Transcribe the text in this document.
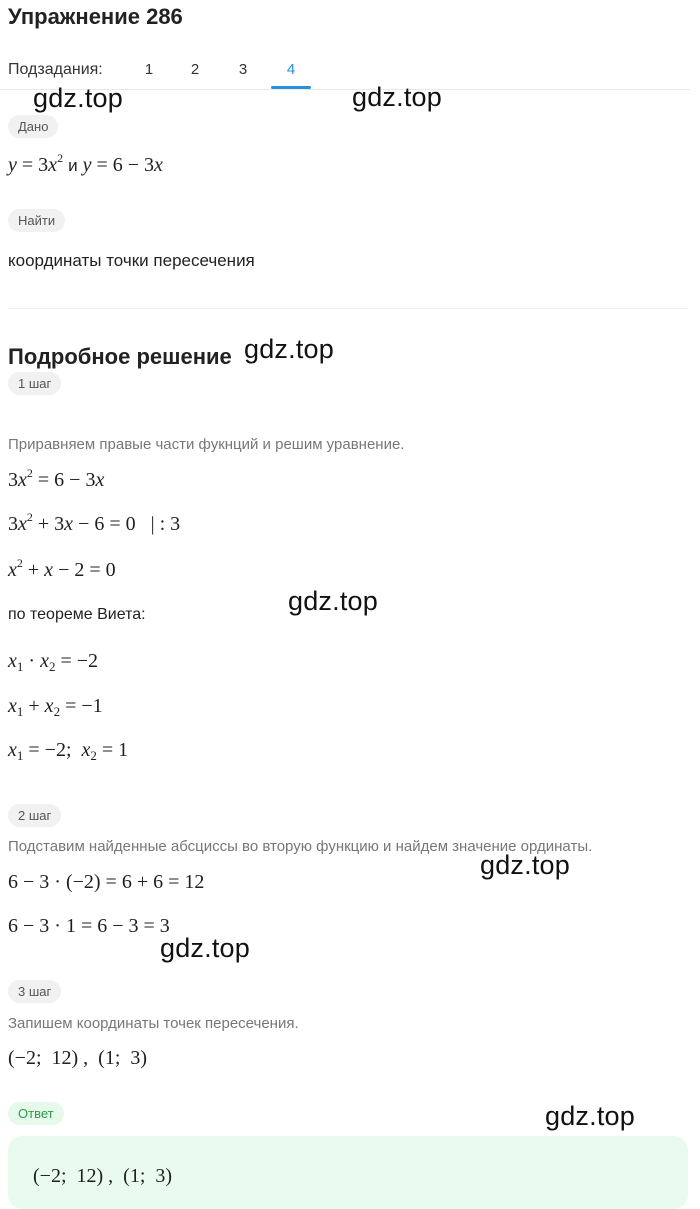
Упражнение 286
Подзадания:	1	2	3	4
Дано
$y = 3x^2$ и y = 6 − 3x
Найти
координаты точки пересечения
Подробное решение
1 шаг
Приравняем правые части фукнций и решим уравнение.
$3x^2 = 6 - 3x$
$3x^2 + 3x - 6 = 0$   | : 3
$x^2 + x - 2 = 0$
по теореме Виета:
$x_1 \cdot x_2 = -2$
$x_1 + x_2 = -1$
$x_1 = -2$;  $x_2 = 1$
2 шаг
Подставим найденные абсциссы во вторую функцию и найдем значение ординаты.
6 − 3 · (−2) = 6 + 6 = 12
6 − 3 · 1 = 6 − 3 = 3
3 шаг
Запишем координаты точек пересечения.
(−2;  12) ,  (1;  3)
Ответ
(−2;  12) ,  (1;  3)
gdz.top	gdz.top
gdz.top
gdz.top
gdz.top
gdz.top
gdz.top
